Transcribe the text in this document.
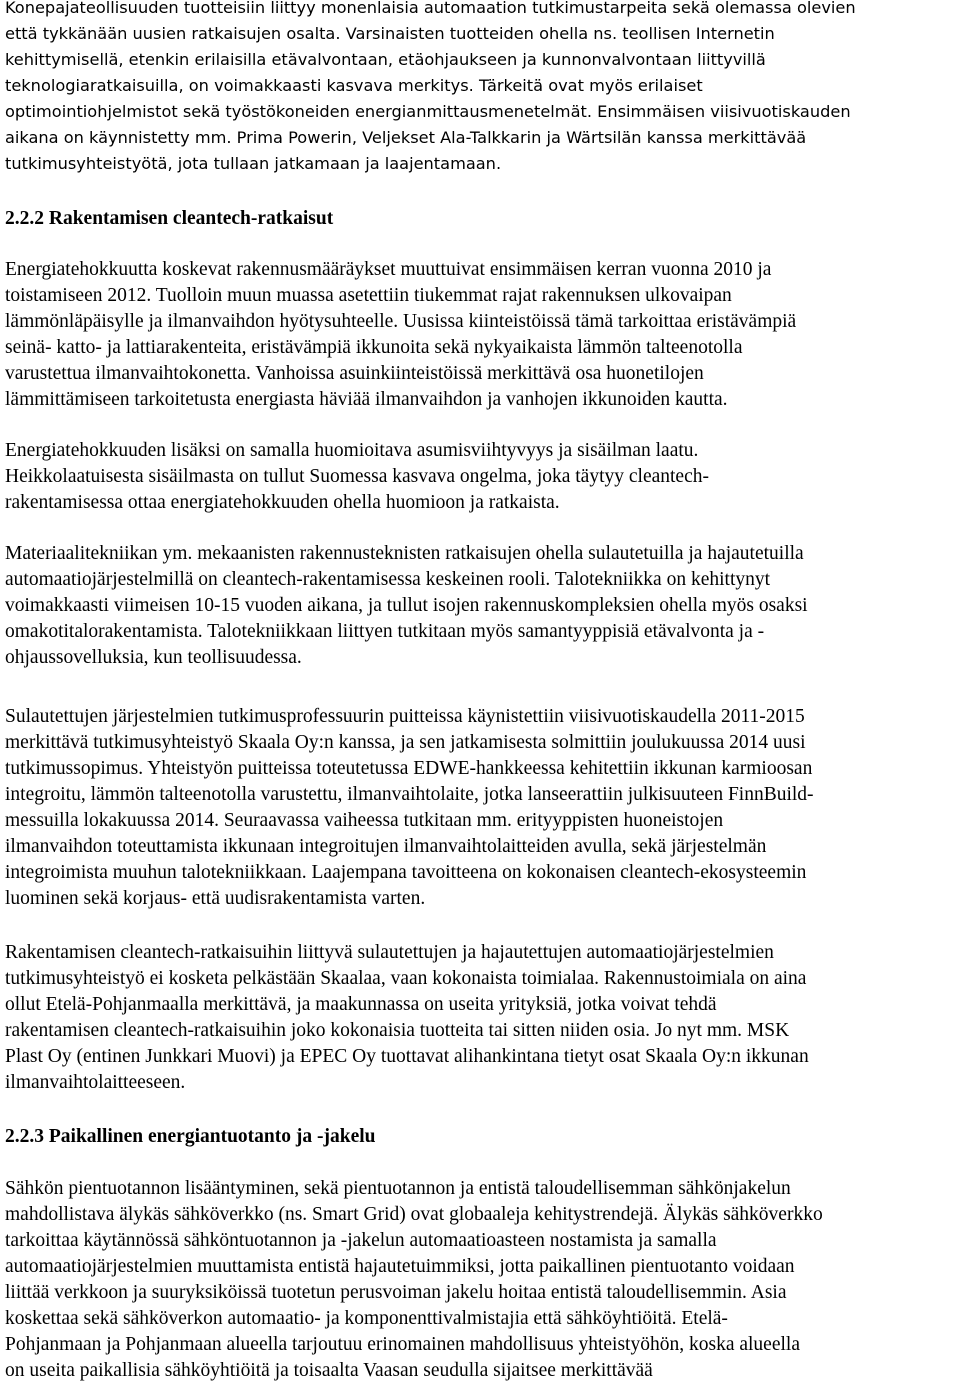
Konepajateollisuuden tuotteisiin liittyy monenlaisia automaation tutkimustarpeita sekä olemassa olevien
että tykkänään uusien ratkaisujen osalta. Varsinaisten tuotteiden ohella ns. teollisen Internetin
kehittymisellä, etenkin erilaisilla etävalvontaan, etäohjaukseen ja kunnonvalvontaan liittyvillä
teknologiaratkaisuilla, on voimakkaasti kasvava merkitys. Tärkeitä ovat myös erilaiset
optimointiohjelmistot sekä työstökoneiden energianmittausmenetelmät. Ensimmäisen viisivuotiskauden
aikana on käynnistetty mm. Prima Powerin, Veljekset Ala-Talkkarin ja Wärtsilän kanssa merkittävää
tutkimusyhteistyötä, jota tullaan jatkamaan ja laajentamaan.

2.2.2 Rakentamisen cleantech-ratkaisut

Energiatehokkuutta koskevat rakennusmääräykset muuttuivat ensimmäisen kerran vuonna 2010 ja
toistamiseen 2012. Tuolloin muun muassa asetettiin tiukemmat rajat rakennuksen ulkovaipan
lämmönläpäisylle ja ilmanvaihdon hyötysuhteelle. Uusissa kiinteistöissä tämä tarkoittaa eristävämpiä
seinä- katto- ja lattiarakenteita, eristävämpiä ikkunoita sekä nykyaikaista lämmön talteenotolla
varustettua ilmanvaihtokonetta. Vanhoissa asuinkiinteistöissä merkittävä osa huonetilojen
lämmittämiseen tarkoitetusta energiasta häviää ilmanvaihdon ja vanhojen ikkunoiden kautta.

Energiatehokkuuden lisäksi on samalla huomioitava asumisviihtyvyys ja sisäilman laatu.
Heikkolaatuisesta sisäilmasta on tullut Suomessa kasvava ongelma, joka täytyy cleantech-
rakentamisessa ottaa energiatehokkuuden ohella huomioon ja ratkaista.

Materiaalitekniikan ym. mekaanisten rakennusteknisten ratkaisujen ohella sulautetuilla ja hajautetuilla
automaatiojärjestelmillä on cleantech-rakentamisessa keskeinen rooli. Talotekniikka on kehittynyt
voimakkaasti viimeisen 10-15 vuoden aikana, ja tullut isojen rakennuskompleksien ohella myös osaksi
omakotitalorakentamista. Talotekniikkaan liittyen tutkitaan myös samantyyppisiä etävalvonta ja -
ohjaussovelluksia, kun teollisuudessa.

Sulautettujen järjestelmien tutkimusprofessuurin puitteissa käynistettiin viisivuotiskaudella 2011-2015
merkittävä tutkimusyhteistyö Skaala Oy:n kanssa, ja sen jatkamisesta solmittiin joulukuussa 2014 uusi
tutkimussopimus. Yhteistyön puitteissa toteutetussa EDWE-hankkeessa kehitettiin ikkunan karmioosan
integroitu, lämmön talteenotolla varustettu, ilmanvaihtolaite, jotka lanseerattiin julkisuuteen FinnBuild-
messuilla lokakuussa 2014. Seuraavassa vaiheessa tutkitaan mm. erityyppisten huoneistojen
ilmanvaihdon toteuttamista ikkunaan integroitujen ilmanvaihtolaitteiden avulla, sekä järjestelmän
integroimista muuhun talotekniikkaan. Laajempana tavoitteena on kokonaisen cleantech-ekosysteemin
luominen sekä korjaus- että uudisrakentamista varten.

Rakentamisen cleantech-ratkaisuihin liittyvä sulautettujen ja hajautettujen automaatiojärjestelmien
tutkimusyhteistyö ei kosketa pelkästään Skaalaa, vaan kokonaista toimialaa. Rakennustoimiala on aina
ollut Etelä-Pohjanmaalla merkittävä, ja maakunnassa on useita yrityksiä, jotka voivat tehdä
rakentamisen cleantech-ratkaisuihin joko kokonaisia tuotteita tai sitten niiden osia. Jo nyt mm. MSK
Plast Oy (entinen Junkkari Muovi) ja EPEC Oy tuottavat alihankintana tietyt osat Skaala Oy:n ikkunan
ilmanvaihtolaitteeseen.

2.2.3 Paikallinen energiantuotanto ja -jakelu

Sähkön pientuotannon lisääntyminen, sekä pientuotannon ja entistä taloudellisemman sähkönjakelun
mahdollistava älykäs sähköverkko (ns. Smart Grid) ovat globaaleja kehitystrendejä. Älykäs sähköverkko
tarkoittaa käytännössä sähköntuotannon ja -jakelun automaatioasteen nostamista ja samalla
automaatiojärjestelmien muuttamista entistä hajautetuimmiksi, jotta paikallinen pientuotanto voidaan
liittää verkkoon ja suuryksiköissä tuotetun perusvoiman jakelu hoitaa entistä taloudellisemmin. Asia
koskettaa sekä sähköverkon automaatio- ja komponenttivalmistajia että sähköyhtiöitä. Etelä-
Pohjanmaan ja Pohjanmaan alueella tarjoutuu erinomainen mahdollisuus yhteistyöhön, koska alueella
on useita paikallisia sähköyhtiöitä ja toisaalta Vaasan seudulla sijaitsee merkittävää
